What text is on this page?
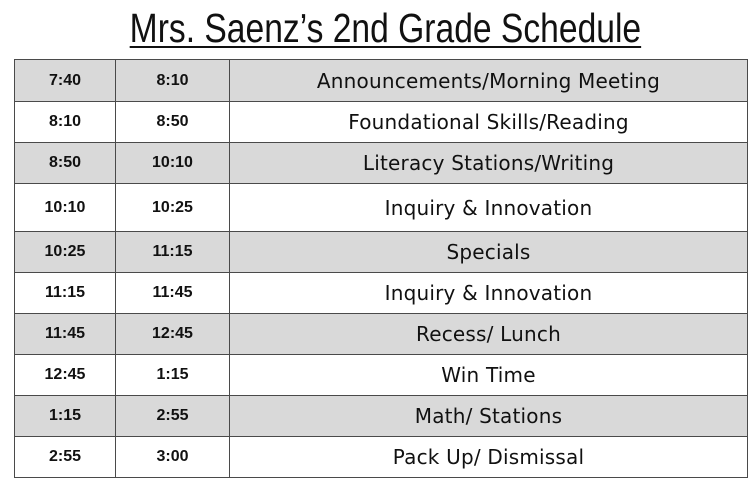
Mrs. Saenz’s 2nd Grade Schedule
7:40	8:10	Announcements/Morning Meeting
8:10	8:50	Foundational Skills/Reading
8:50	10:10	Literacy Stations/Writing
10:10	10:25	Inquiry & Innovation
10:25	11:15	Specials
11:15	11:45	Inquiry & Innovation
11:45	12:45	Recess/ Lunch
12:45	1:15	Win Time
1:15	2:55	Math/ Stations
2:55	3:00	Pack Up/ Dismissal
